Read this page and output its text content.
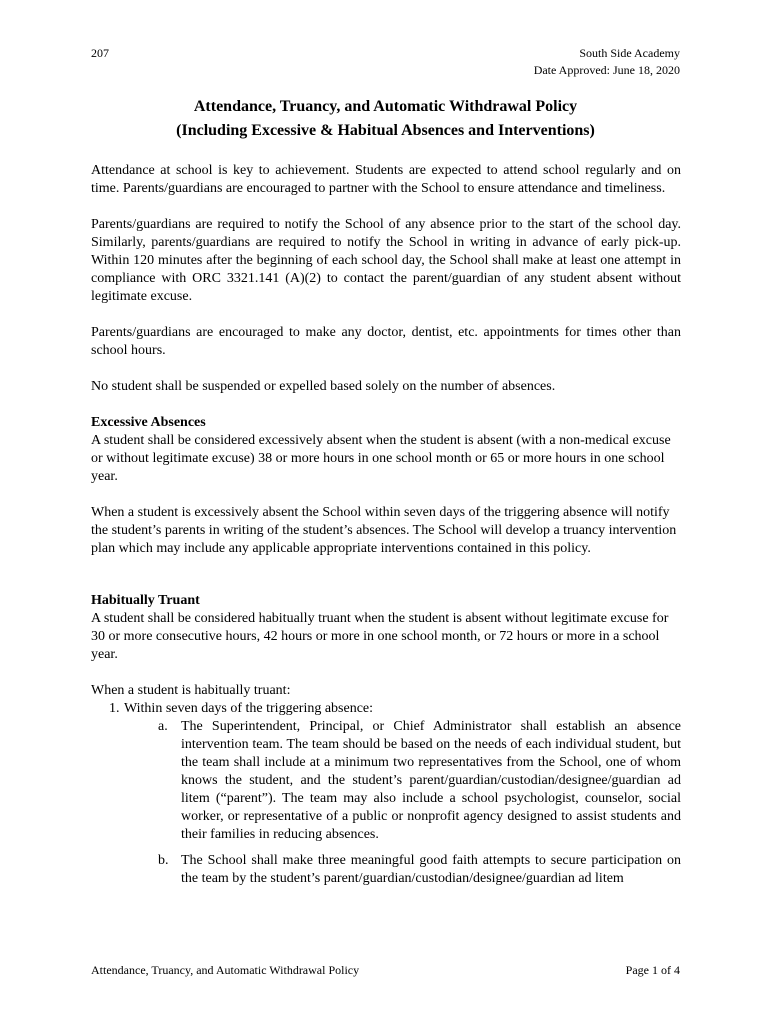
207	South Side Academy
Date Approved: June 18, 2020
Attendance, Truancy, and Automatic Withdrawal Policy
(Including Excessive & Habitual Absences and Interventions)

Attendance at school is key to achievement. Students are expected to attend school regularly and on time. Parents/guardians are encouraged to partner with the School to ensure attendance and timeliness.

Parents/guardians are required to notify the School of any absence prior to the start of the school day. Similarly, parents/guardians are required to notify the School in writing in advance of early pick-up. Within 120 minutes after the beginning of each school day, the School shall make at least one attempt in compliance with ORC 3321.141 (A)(2) to contact the parent/guardian of any student absent without legitimate excuse.

Parents/guardians are encouraged to make any doctor, dentist, etc. appointments for times other than school hours.

No student shall be suspended or expelled based solely on the number of absences.

Excessive Absences

A student shall be considered excessively absent when the student is absent (with a non-medical excuse or without legitimate excuse) 38 or more hours in one school month or 65 or more hours in one school year.

When a student is excessively absent the School within seven days of the triggering absence will notify the student’s parents in writing of the student’s absences. The School will develop a truancy intervention plan which may include any applicable appropriate interventions contained in this policy.

Habitually Truant

A student shall be considered habitually truant when the student is absent without legitimate excuse for 30 or more consecutive hours, 42 hours or more in one school month, or 72 hours or more in a school year.

When a student is habitually truant:
1. Within seven days of the triggering absence:
a. The Superintendent, Principal, or Chief Administrator shall establish an absence intervention team. The team should be based on the needs of each individual student, but the team shall include at a minimum two representatives from the School, one of whom knows the student, and the student’s parent/guardian/custodian/designee/guardian ad litem (“parent”). The team may also include a school psychologist, counselor, social worker, or representative of a public or nonprofit agency designed to assist students and their families in reducing absences.
b. The School shall make three meaningful good faith attempts to secure participation on the team by the student’s parent/guardian/custodian/designee/guardian ad litem
Attendance, Truancy, and Automatic Withdrawal Policy	Page 1 of 4
